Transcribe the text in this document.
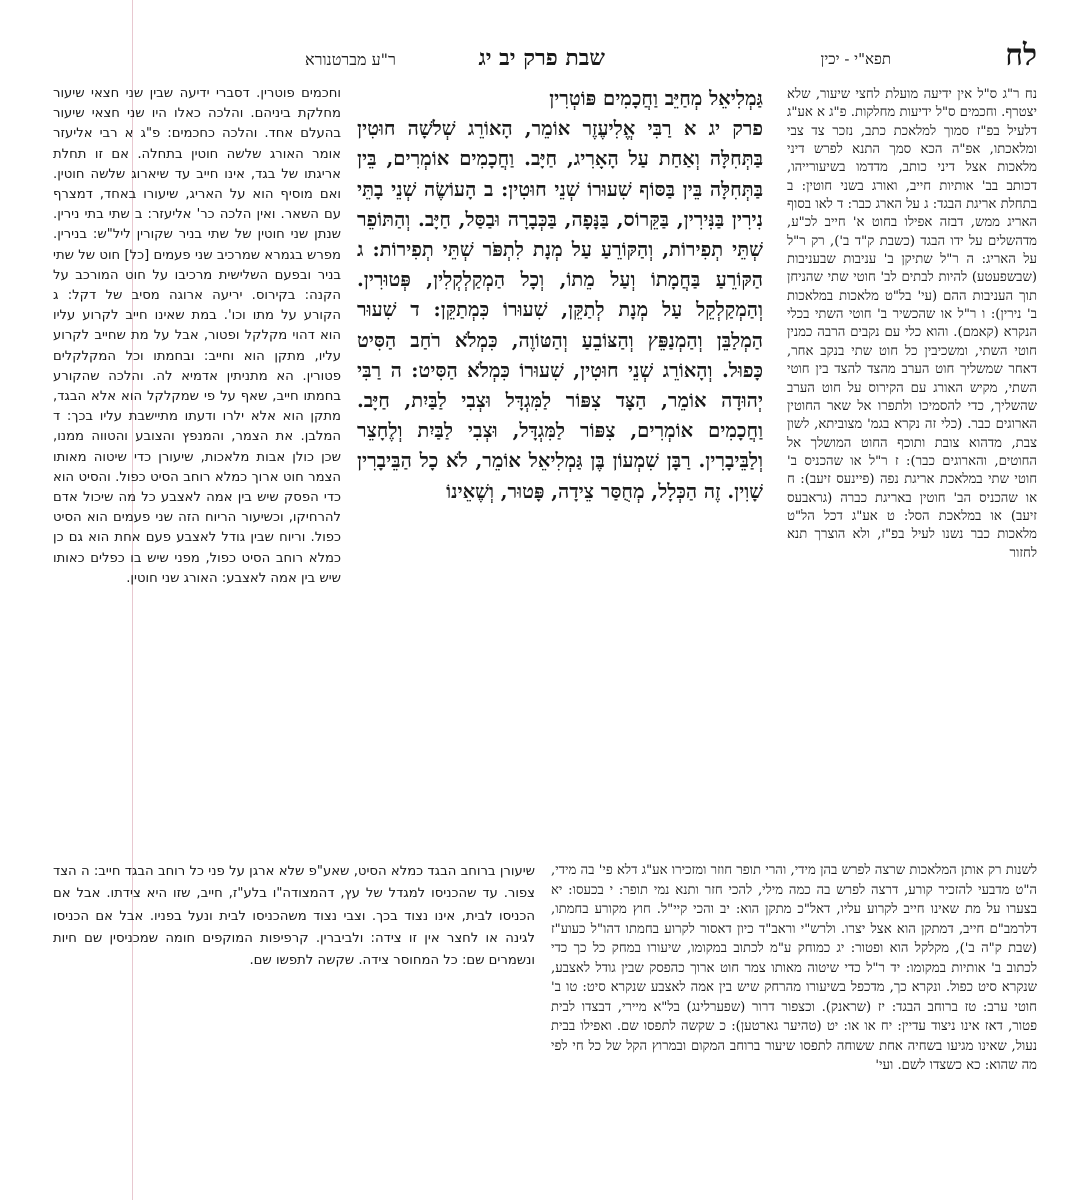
לח
תפא"י - יכין
שבת פרק יב יג
ר"ע מברטנורא

נח ר"ג ס"ל אין ידיעה מועלת לחצי שיעור, שלא יצטרף. וחכמים ס"ל ידיעות מחלקות. פ"ג א אע"ג דלעיל בפ"ז סמוך למלאכת כתב, נזכר צד צבי ומלאכתו, אפ"ה הכא סמך התנא לפרש דיני מלאכות אצל דיני כותב, מדדמו בשיעורייהו, דכותב בב' אותיות חייב, ואורג בשני חוטין: ב בתחלת אריגת הבגד: ג על הארג כבר: ד לאו בסוף האריג ממש, דבזה אפילו בחוט א' חייב לכ"ע, מדהשלים על ידו הבגד (כשבת ק"ד ב'), רק ר"ל על האריג: ה ר"ל שתיקן ב' עניבות שבעניבות (שבשפעטע) להיות לבתים לב' חוטי שתי שהניחן תוך העניבות ההם (עי' בל"ט מלאכות במלאכות ב' נירין): ו ר"ל או שהכשיר ב' חוטי השתי בכלי הנקרא (קאמם). והוא כלי עם נקבים הרבה כמנין חוטי השתי, ומשכיבין כל חוט שתי בנקב אחר, דאחר שמשליך חוט הערב מהצד להצד בין חוטי השתי, מקיש האורג עם הקירוס על חוט הערב שהשליך, כדי להסמיכו ולתפרו אל שאר החוטין הארוגים כבר. (כלי זה נקרא בגמ' מצוביתא, לשון צבת, מדהוא צובת ותוכף החוט המושלך אל החוטים, והארוגים כבר): ז ר"ל או שהכניס ב' חוטי שתי במלאכת אריגת נפה (פיינעס זיעב): ח או שהכניס הב' חוטין באריגת כברה (גראבעס זיעב) או במלאכת הסל: ט אע"ג דכל הל"ט מלאכות כבר נשנו לעיל בפ"ז, ולא הוצרך תנא לחזור

גַּמְלִיאֵל מְחַיֵּב וַחֲכָמִים פּוֹטְרִין

פרק יג א רַבִּי אֱלִיעֶזֶר אוֹמֵר, הָאוֹרֵג שְׁלֹשָׁה חוּטִין בַּתְּחִלָּה וְאַחַת עַל הָאָרִיג, חַיָּב. וַחֲכָמִים אוֹמְרִים, בֵּין בַּתְּחִלָּה בֵּין בַּסּוֹף שִׁעוּרוֹ שְׁנֵי חוּטִין: ב הָעוֹשֶׂה שְׁנֵי בָתֵּי נִירִין בַּנִּירִין, בַּקֵּרוֹס, בַּנָּפָה, בַּכְּבָרָה וּבַסַּל, חַיָּב. וְהַתּוֹפֵר שְׁתֵּי תְפִירוֹת, וְהַקּוֹרֵעַ עַל מְנָת לִתְפֹּר שְׁתֵּי תְפִירוֹת: ג הַקּוֹרֵעַ בַּחֲמָתוֹ וְעַל מֵתוֹ, וְכָל הַמְקַלְקְלִין, פְּטוּרִין. וְהַמְקַלְקֵל עַל מְנָת לְתַקֵּן, שִׁעוּרוֹ כִּמְתַקֵּן: ד שִׁעוּר הַמְלַבֵּן וְהַמְנַפֵּץ וְהַצּוֹבֵעַ וְהַטּוֹוֶה, כִּמְלֹא רֹחַב הַסִּיט כָּפוּל. וְהָאוֹרֵג שְׁנֵי חוּטִין, שִׁעוּרוֹ כִּמְלֹא הַסִּיט: ה רַבִּי יְהוּדָה אוֹמֵר, הַצָּד צִפּוֹר לַמִּגְדָּל וּצְבִי לַבַּיִת, חַיָּב. וַחֲכָמִים אוֹמְרִים, צִפּוֹר לַמִּגְדָּל, וּצְבִי לַבַּיִת וְלֶחָצֵר וְלַבֵּיבָרִין. רַבָּן שִׁמְעוֹן בֶּן גַּמְלִיאֵל אוֹמֵר, לֹא כָל הַבֵּיבָרִין שָׁוִין. זֶה הַכְּלָל, מְחֻסַּר צֵידָה, פָּטוּר, וְשֶׁאֵינוֹ

וחכמים פוטרין. דסברי ידיעה שבין שני חצאי שיעור מחלקת ביניהם. והלכה כאלו היו שני חצאי שיעור בהעלם אחד. והלכה כחכמים: פ"ג א רבי אליעזר אומר האורג שלשה חוטין בתחלה. אם זו תחלת אריגתו של בגד, אינו חייב עד שיארוג שלשה חוטין. ואם מוסיף הוא על האריג, שיעורו באחד, דמצרף עם השאר. ואין הלכה כר' אליעזר: ב שתי בתי נירין. שנתן שני חוטין של שתי בניר שקורין ליל"ש: בנירין. מפרש בגמרא שמרכיב שני פעמים [כל] חוט של שתי בניר ובפעם השלישית מרכיבו על חוט המורכב על הקנה: בקירוס. יריעה ארוגה מסיב של דקל: ג הקורע על מתו וכו'. במת שאינו חייב לקרוע עליו הוא דהוי מקלקל ופטור, אבל על מת שחייב לקרוע עליו, מתקן הוא וחייב: ובחמתו וכל המקלקלים פטורין. הא מתניתין אדמיא לה. והלכה שהקורע בחמתו חייב, שאף על פי שמקלקל הוא אלא הבגד, מתקן הוא אלא ילרו ודעתו מתיישבת עליו בכך: ד המלבן. את הצמר, והמנפץ והצובע והטווה ממנו, שכן כולן אבות מלאכות, שיעורן כדי שיטוה מאותו הצמר חוט ארוך כמלא רוחב הסיט כפול. והסיט הוא כדי הפסק שיש בין אמה לאצבע כל מה שיכול אדם להרחיקו, וכשיעור הריוח הזה שני פעמים הוא הסיט כפול. וריוח שבין גודל לאצבע פעם אחת הוא גם כן כמלא רוחב הסיט כפול, מפני שיש בו כפלים כאותו שיש בין אמה לאצבע: האורג שני חוטין.

לשנות רק אותן המלאכות שרצה לפרש בהן מידי, והרי תופר חוזר ומזכירו אע"ג דלא פי' בה מידי, ה"ט מדבעי להזכיר קורע, דרצה לפרש בה כמה מילי, להכי חזר ותנא נמי תופר: י בכעסו: יא בצערו על מת שאינו חייב לקרוע עליו, דאל"כ מתקן הוא: יב והכי קיי"ל. חוץ מקורע בחמתו, דלרמב"ם חייב, דמתקן הוא אצל יצרו. ולרש"י וראב"ד כיון דאסור לקרוע בחמתו דהו"ל כעוע"ז (שבת ק"ה ב'), מקלקל הוא ופטור: יג כמוחק ע"מ לכתוב במקומו, שיעורו במחק כל כך כדי לכתוב ב' אותיות במקומו: יד ר"ל כדי שיטוה מאותו צמר חוט ארוך כהפסק שבין גודל לאצבע, שנקרא סיט כפול. ונקרא כך, מדכפל בשיעורו מהרחק שיש בין אמה לאצבע שנקרא סיט: טו ב' חוטי ערב: טז ברוחב הבגד: יז (שראנק). וכצפור דרור (שפערלינג) בל"א מיירי, דבצדו לבית פטור, דאז אינו ניצוד עדיין: יח או או: יט (טהיער גארטען): כ שקשה לתפסו שם. ואפילו בבית נעול, שאינו מגיעו בשחיה אחת ששוחה לתפסו שיעור ברוחב המקום ובמרוץ הקל של כל חי לפי מה שהוא: כא כשצדו לשם. ועי'

שיעורן ברוחב הבגד כמלא הסיט, שאע"פ שלא ארגן על פני כל רוחב הבגד חייב: ה הצד צפור. עד שהכניסו למגדל של עץ, דהמצודה"ו בלע"ז, חייב, שזו היא צידתו. אבל אם הכניסו לבית, אינו נצוד בכך. וצבי נצוד משהכניסו לבית ונעל בפניו. אבל אם הכניסו לגינה או לחצר אין זו צידה: ולביברין. קרפיפות המוקפים חומה שמכניסין שם חיות ונשמרים שם: כל המחוסר צידה. שקשה לתפשו שם.
